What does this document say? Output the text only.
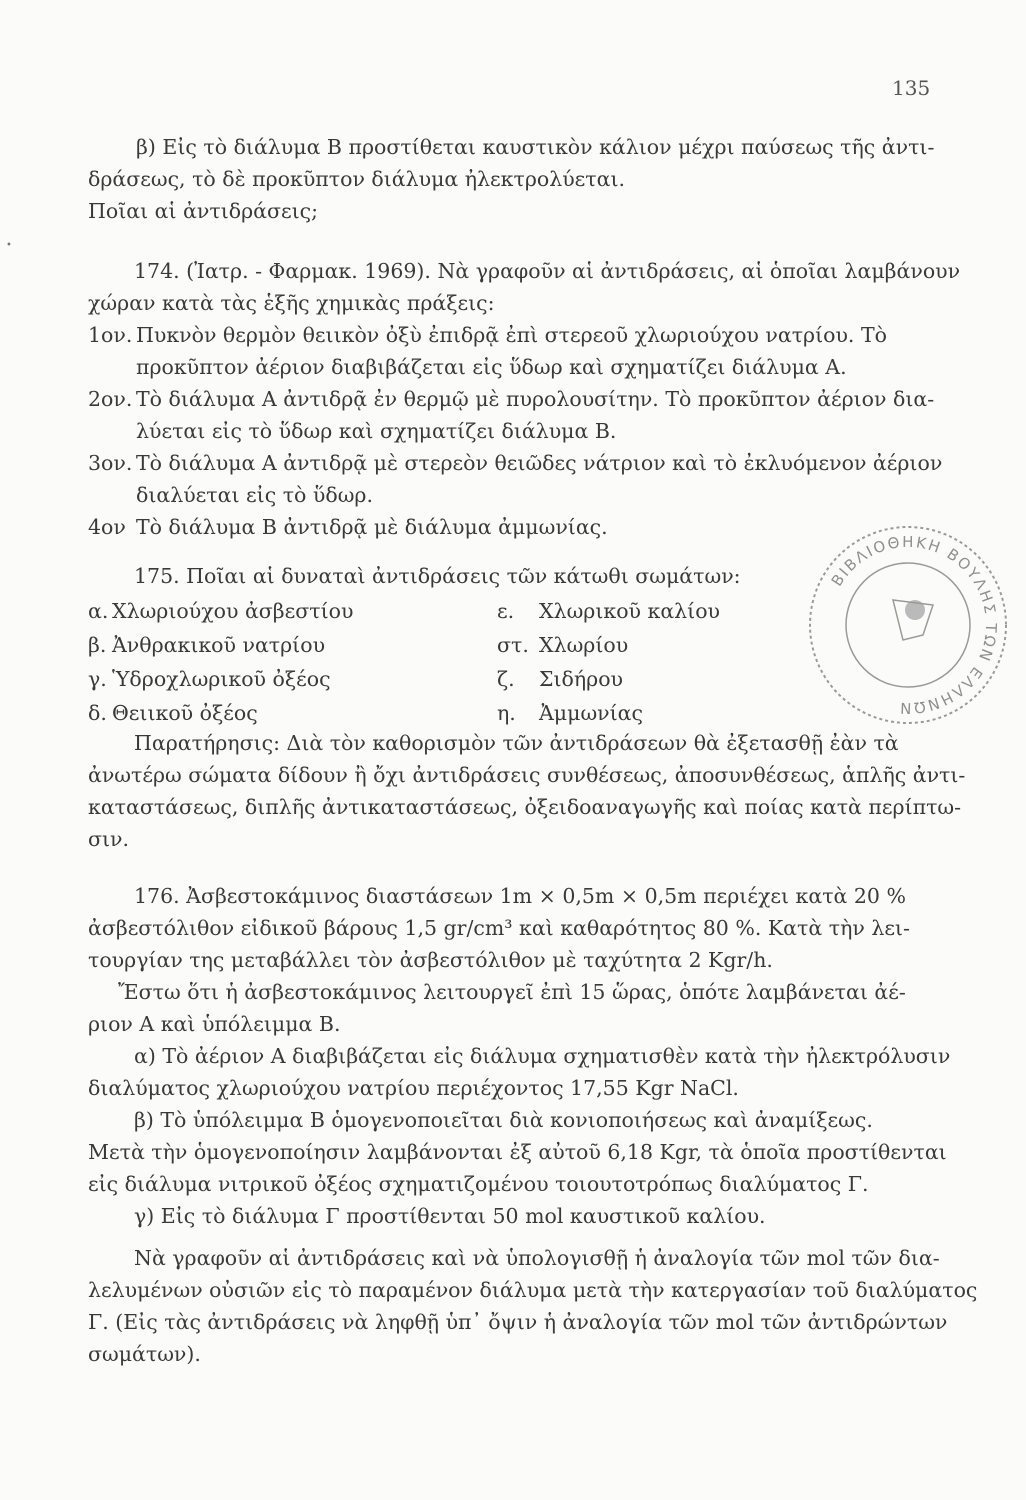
135
•
β) Εἰς τὸ διάλυμα Β προστίθεται καυστικὸν κάλιον μέχρι παύσεως τῆς ἀντι-
δράσεως, τὸ δὲ προκῦπτον διάλυμα ἠλεκτρολύεται.
Ποῖαι αἱ ἀντιδράσεις;
174. (Ἰατρ. - Φαρμακ. 1969). Νὰ γραφοῦν αἱ ἀντιδράσεις, αἱ ὁποῖαι λαμβάνουν
χώραν κατὰ τὰς ἑξῆς χημικὰς πράξεις:
1ον. Πυκνὸν θερμὸν θειικὸν ὀξὺ ἐπιδρᾷ ἐπὶ στερεοῦ χλωριούχου νατρίου. Τὸ
προκῦπτον ἀέριον διαβιβάζεται εἰς ὕδωρ καὶ σχηματίζει διάλυμα Α.
2ον. Τὸ διάλυμα Α ἀντιδρᾷ ἐν θερμῷ μὲ πυρολουσίτην. Τὸ προκῦπτον ἀέριον δια-
λύεται εἰς τὸ ὕδωρ καὶ σχηματίζει διάλυμα Β.
3ον. Τὸ διάλυμα Α ἀντιδρᾷ μὲ στερεὸν θειῶδες νάτριον καὶ τὸ ἐκλυόμενον ἀέριον
διαλύεται εἰς τὸ ὕδωρ.
4ον Τὸ διάλυμα Β ἀντιδρᾷ μὲ διάλυμα ἀμμωνίας.
175. Ποῖαι αἱ δυναταὶ ἀντιδράσεις τῶν κάτωθι σωμάτων:
α. Χλωριούχου ἀσβεστίου
β. Ἀνθρακικοῦ νατρίου
γ. Ὑδροχλωρικοῦ ὀξέος
δ. Θειικοῦ ὀξέος
ε. Χλωρικοῦ καλίου
στ. Χλωρίου
ζ. Σιδήρου
η. Ἀμμωνίας
Παρατήρησις: Διὰ τὸν καθορισμὸν τῶν ἀντιδράσεων θὰ ἐξετασθῇ ἐὰν τὰ
ἀνωτέρω σώματα δίδουν ἢ ὄχι ἀντιδράσεις συνθέσεως, ἀποσυνθέσεως, ἁπλῆς ἀντι-
καταστάσεως, διπλῆς ἀντικαταστάσεως, ὀξειδοαναγωγῆς καὶ ποίας κατὰ περίπτω-
σιν.
ΒΙΒΛΙΟΘΗΚΗ ΒΟΥΛΗΣ ΤΩΝ ΕΛΛΗΝΩΝ
176. Ἀσβεστοκάμινος διαστάσεων 1m × 0,5m × 0,5m περιέχει κατὰ 20 %
ἀσβεστόλιθον εἰδικοῦ βάρους 1,5 gr/cm³ καὶ καθαρότητος 80 %. Κατὰ τὴν λει-
τουργίαν της μεταβάλλει τὸν ἀσβεστόλιθον μὲ ταχύτητα 2 Kgr/h.
Ἔστω ὅτι ἡ ἀσβεστοκάμινος λειτουργεῖ ἐπὶ 15 ὥρας, ὁπότε λαμβάνεται ἀέ-
ριον Α καὶ ὑπόλειμμα Β.
α) Τὸ ἀέριον Α διαβιβάζεται εἰς διάλυμα σχηματισθὲν κατὰ τὴν ἠλεκτρόλυσιν
διαλύματος χλωριούχου νατρίου περιέχοντος 17,55 Kgr NaCl.
β) Τὸ ὑπόλειμμα Β ὁμογενοποιεῖται διὰ κονιοποιήσεως καὶ ἀναμίξεως.
Μετὰ τὴν ὁμογενοποίησιν λαμβάνονται ἐξ αὐτοῦ 6,18 Kgr, τὰ ὁποῖα προστίθενται
εἰς διάλυμα νιτρικοῦ ὀξέος σχηματιζομένου τοιουτοτρόπως διαλύματος Γ.
γ) Εἰς τὸ διάλυμα Γ προστίθενται 50 mol καυστικοῦ καλίου.
Νὰ γραφοῦν αἱ ἀντιδράσεις καὶ νὰ ὑπολογισθῇ ἡ ἀναλογία τῶν mol τῶν δια-
λελυμένων οὐσιῶν εἰς τὸ παραμένον διάλυμα μετὰ τὴν κατεργασίαν τοῦ διαλύματος
Γ. (Εἰς τὰς ἀντιδράσεις νὰ ληφθῇ ὑπ᾿ ὄψιν ἡ ἀναλογία τῶν mol τῶν ἀντιδρώντων
σωμάτων).
